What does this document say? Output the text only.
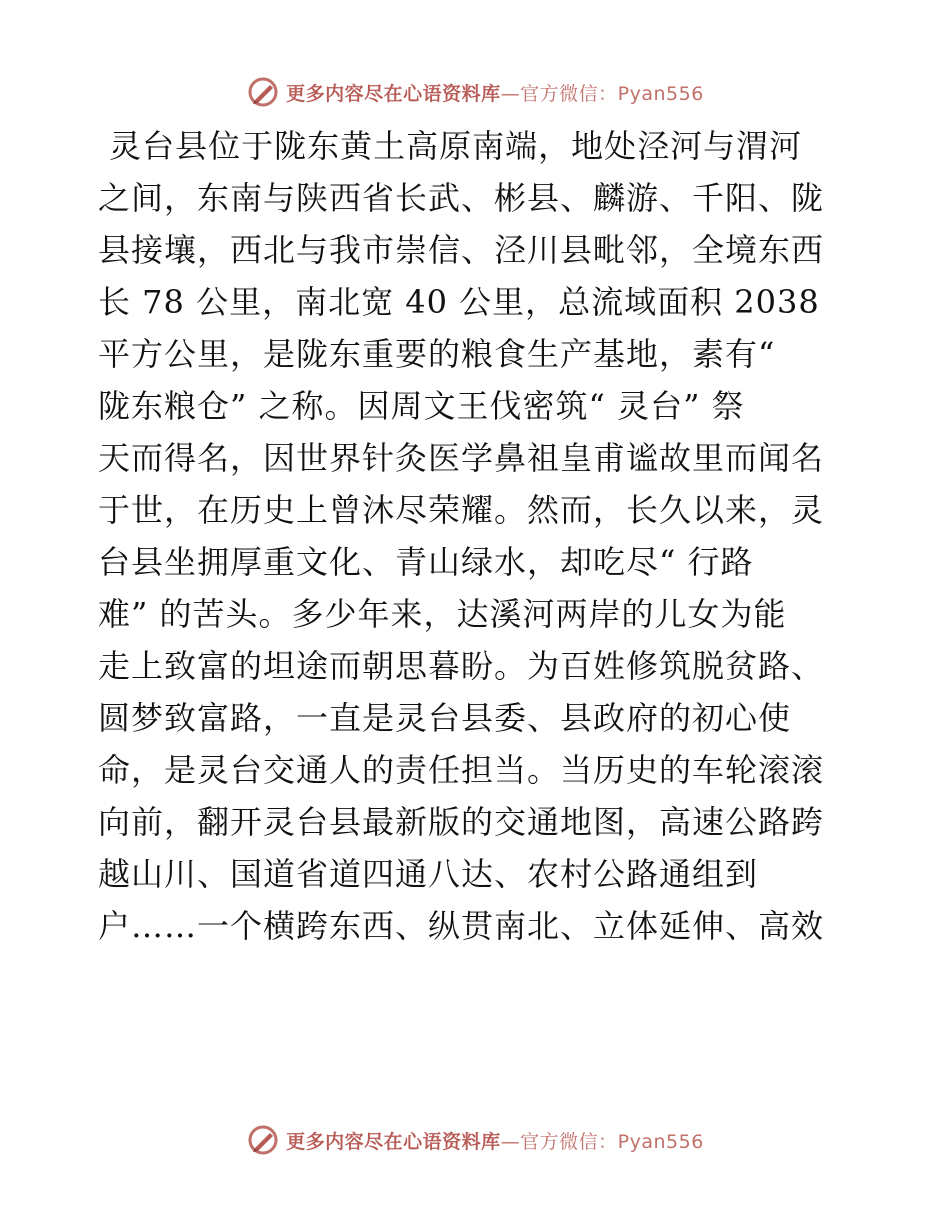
更多内容尽在心语资料库—官方微信：Pyan556
灵台县位于陇东黄土高原南端，地处泾河与渭河
之间，东南与陕西省长武、彬县、麟游、千阳、陇
县接壤，西北与我市崇信、泾川县毗邻，全境东西
长 78 公里，南北宽 40 公里，总流域面积 2038
平方公里，是陇东重要的粮食生产基地，素有“
陇东粮仓” 之称。因周文王伐密筑“ 灵台” 祭
天而得名，因世界针灸医学鼻祖皇甫谧故里而闻名
于世，在历史上曾沐尽荣耀。然而，长久以来，灵
台县坐拥厚重文化、青山绿水，却吃尽“ 行路
难” 的苦头。多少年来，达溪河两岸的儿女为能
走上致富的坦途而朝思暮盼。为百姓修筑脱贫路、
圆梦致富路，一直是灵台县委、县政府的初心使
命，是灵台交通人的责任担当。当历史的车轮滚滚
向前，翻开灵台县最新版的交通地图，高速公路跨
越山川、国道省道四通八达、农村公路通组到
户……一个横跨东西、纵贯南北、立体延伸、高效
更多内容尽在心语资料库—官方微信：Pyan556
